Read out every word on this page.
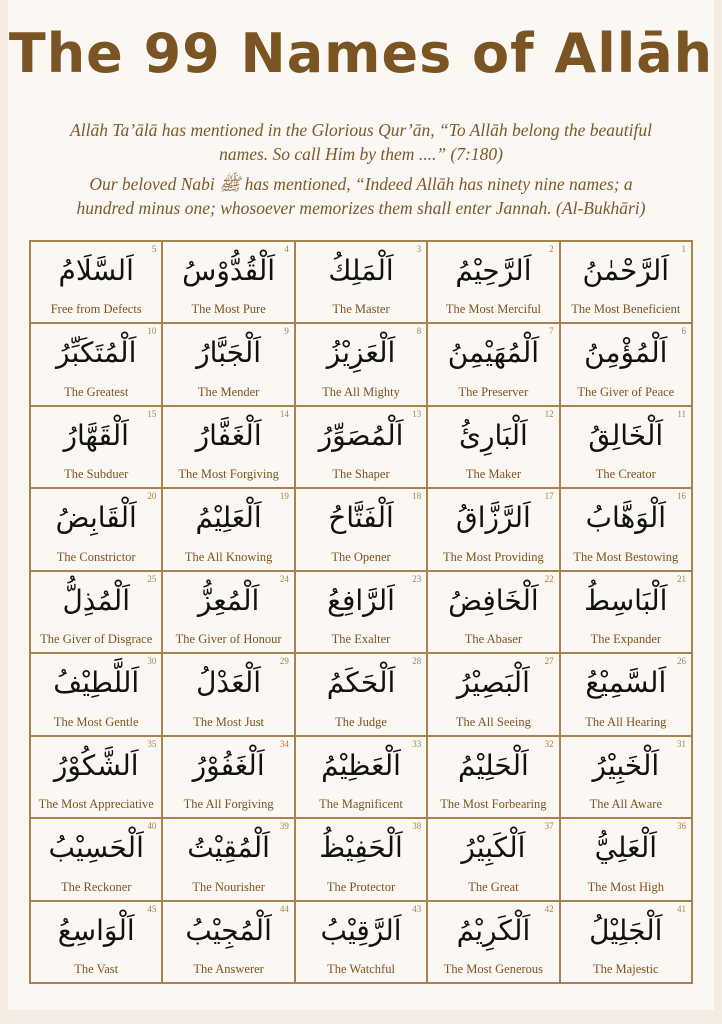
The 99 Names of Allāh
Allāh Ta’ālā has mentioned in the Glorious Qur’ān, “To Allāh belong the beautiful names. So call Him by them ....” (7:180)
Our beloved Nabi ﷺ has mentioned, “Indeed Allāh has ninety nine names; a hundred minus one; whosoever memorizes them shall enter Jannah. (Al-Bukhāri)
1
اَلرَّحْمٰنُ
The Most Beneficient
2
اَلرَّحِيْمُ
The Most Merciful
3
اَلْمَلِكُ
The Master
4
اَلْقُدُّوْسُ
The Most Pure
5
اَلسَّلَامُ
Free from Defects
6
اَلْمُؤْمِنُ
The Giver of Peace
7
اَلْمُهَيْمِنُ
The Preserver
8
اَلْعَزِيْزُ
The All Mighty
9
اَلْجَبَّارُ
The Mender
10
اَلْمُتَكَبِّرُ
The Greatest
11
اَلْخَالِقُ
The Creator
12
اَلْبَارِئُ
The Maker
13
اَلْمُصَوِّرُ
The Shaper
14
اَلْغَفَّارُ
The Most Forgiving
15
اَلْقَهَّارُ
The Subduer
16
اَلْوَهَّابُ
The Most Bestowing
17
اَلرَّزَّاقُ
The Most Providing
18
اَلْفَتَّاحُ
The Opener
19
اَلْعَلِيْمُ
The All Knowing
20
اَلْقَابِضُ
The Constrictor
21
اَلْبَاسِطُ
The Expander
22
اَلْخَافِضُ
The Abaser
23
اَلرَّافِعُ
The Exalter
24
اَلْمُعِزُّ
The Giver of Honour
25
اَلْمُذِلُّ
The Giver of Disgrace
26
اَلسَّمِيْعُ
The All Hearing
27
اَلْبَصِيْرُ
The All Seeing
28
اَلْحَكَمُ
The Judge
29
اَلْعَدْلُ
The Most Just
30
اَللَّطِيْفُ
The Most Gentle
31
اَلْخَبِيْرُ
The All Aware
32
اَلْحَلِيْمُ
The Most Forbearing
33
اَلْعَظِيْمُ
The Magnificent
34
اَلْغَفُوْرُ
The All Forgiving
35
اَلشَّكُوْرُ
The Most Appreciative
36
اَلْعَلِيُّ
The Most High
37
اَلْكَبِيْرُ
The Great
38
اَلْحَفِيْظُ
The Protector
39
اَلْمُقِيْتُ
The Nourisher
40
اَلْحَسِيْبُ
The Reckoner
41
اَلْجَلِيْلُ
The Majestic
42
اَلْكَرِيْمُ
The Most Generous
43
اَلرَّقِيْبُ
The Watchful
44
اَلْمُجِيْبُ
The Answerer
45
اَلْوَاسِعُ
The Vast
